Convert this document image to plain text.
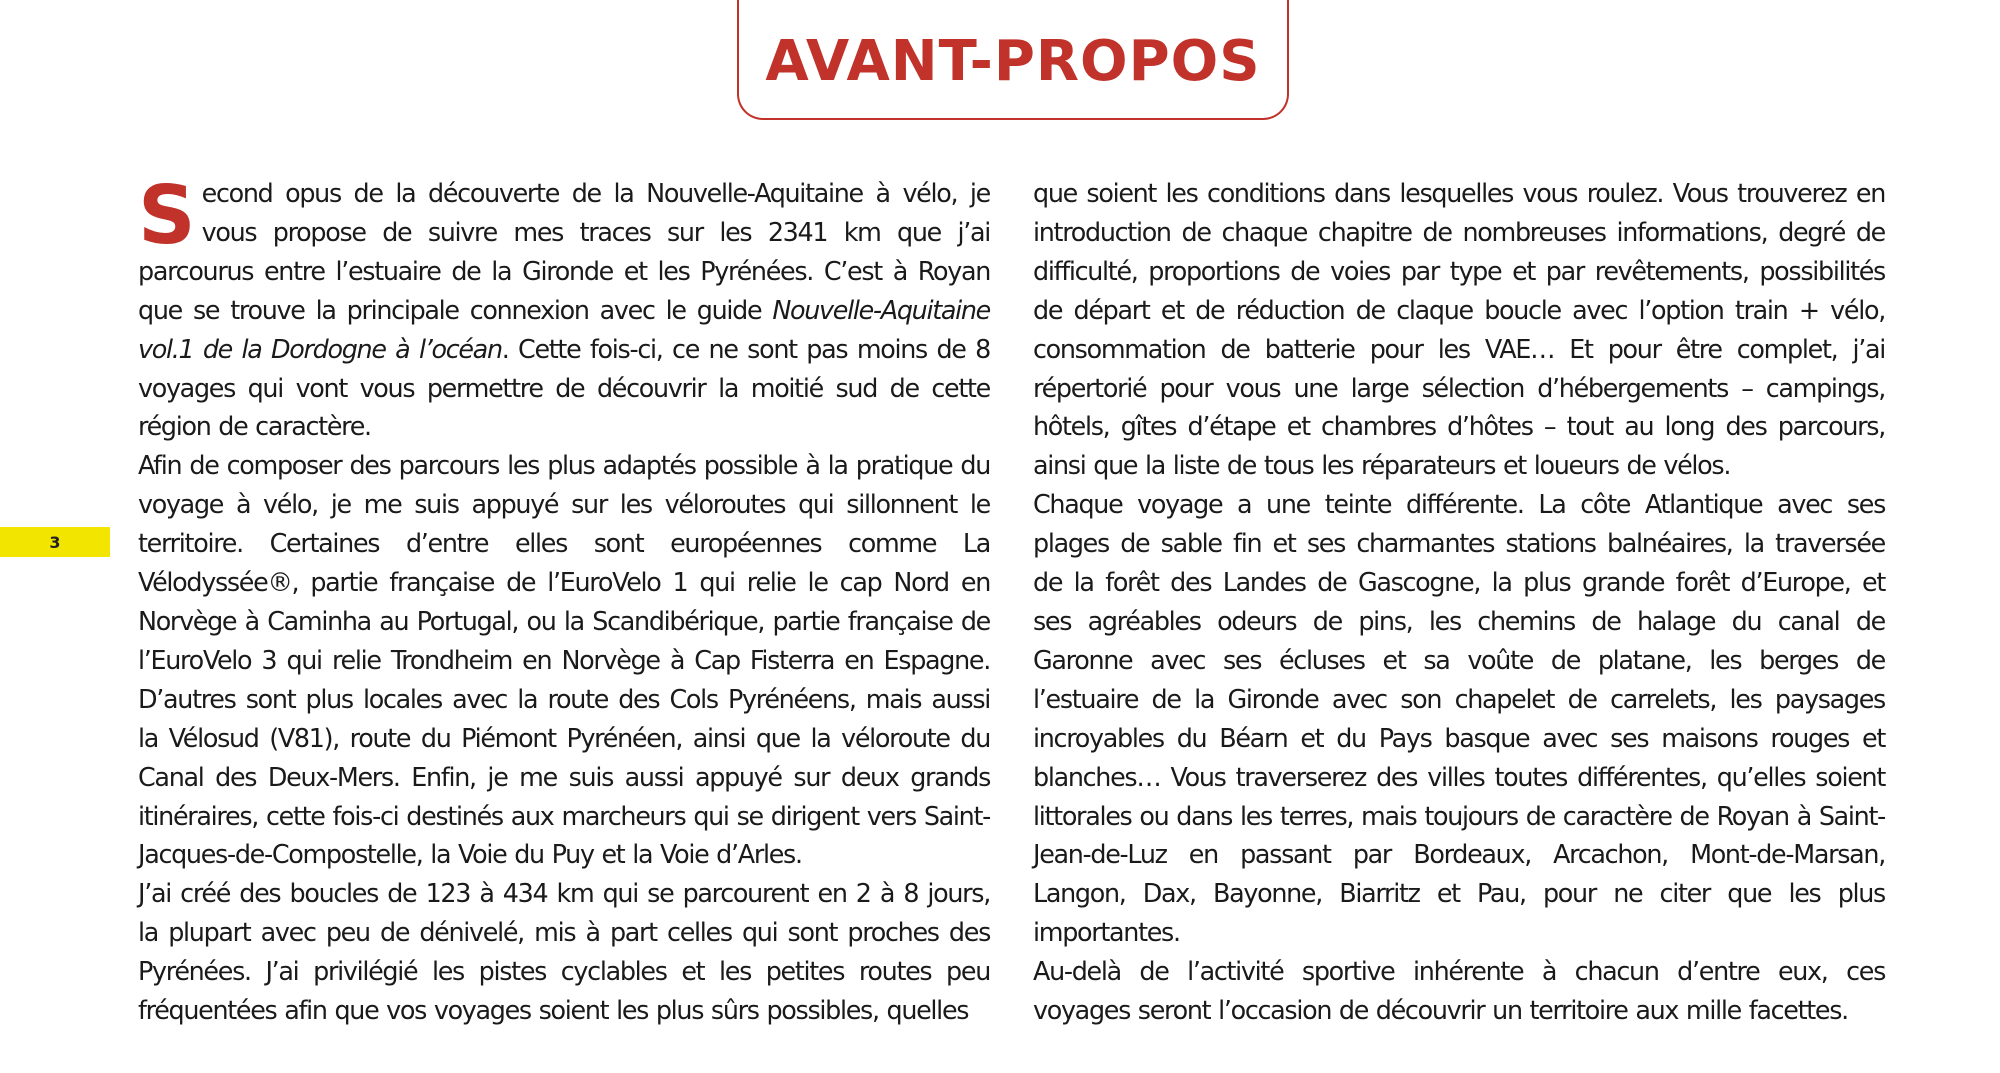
AVANT-PROPOS
3

Second opus de la découverte de la Nouvelle-Aquitaine à vélo, je vous propose de suivre mes traces sur les 2341 km que j’ai parcourus entre l’estuaire de la Gironde et les Pyrénées. C’est à Royan que se trouve la principale connexion avec le guide Nouvelle-Aquitaine vol.1 de la Dordogne à l’océan. Cette fois-ci, ce ne sont pas moins de 8 voyages qui vont vous permettre de découvrir la moitié sud de cette région de caractère.

Afin de composer des parcours les plus adaptés possible à la pratique du voyage à vélo, je me suis appuyé sur les véloroutes qui sillonnent le territoire. Certaines d’entre elles sont européennes comme La Vélodyssée®, partie française de l’EuroVelo 1 qui relie le cap Nord en Norvège à Caminha au Portugal, ou la Scandibérique, partie française de l’EuroVelo 3 qui relie Trondheim en Norvège à Cap Fisterra en Espagne. D’autres sont plus locales avec la route des Cols Pyrénéens, mais aussi la Vélosud (V81), route du Piémont Pyrénéen, ainsi que la véloroute du Canal des Deux-Mers. Enfin, je me suis aussi appuyé sur deux grands itinéraires, cette fois-ci destinés aux marcheurs qui se dirigent vers Saint-Jacques-de-Compostelle, la Voie du Puy et la Voie d’Arles.

J’ai créé des boucles de 123 à 434 km qui se parcourent en 2 à 8 jours, la plupart avec peu de dénivelé, mis à part celles qui sont proches des Pyrénées. J’ai privilégié les pistes cyclables et les petites routes peu fréquentées afin que vos voyages soient les plus sûrs possibles, quelles

que soient les conditions dans lesquelles vous roulez. Vous trouverez en introduction de chaque chapitre de nombreuses informations, degré de difficulté, proportions de voies par type et par revêtements, possibilités de départ et de réduction de claque boucle avec l’option train + vélo, consommation de batterie pour les VAE… Et pour être complet, j’ai répertorié pour vous une large sélection d’hébergements – campings, hôtels, gîtes d’étape et chambres d’hôtes – tout au long des parcours, ainsi que la liste de tous les réparateurs et loueurs de vélos.

Chaque voyage a une teinte différente. La côte Atlantique avec ses plages de sable fin et ses charmantes stations balnéaires, la traversée de la forêt des Landes de Gascogne, la plus grande forêt d’Europe, et ses agréables odeurs de pins, les chemins de halage du canal de Garonne avec ses écluses et sa voûte de platane, les berges de l’estuaire de la Gironde avec son chapelet de carrelets, les paysages incroyables du Béarn et du Pays basque avec ses maisons rouges et blanches… Vous traverserez des villes toutes différentes, qu’elles soient littorales ou dans les terres, mais toujours de caractère de Royan à Saint-Jean-de-Luz en passant par Bordeaux, Arcachon, Mont-de-Marsan, Langon, Dax, Bayonne, Biarritz et Pau, pour ne citer que les plus importantes.

Au-delà de l’activité sportive inhérente à chacun d’entre eux, ces voyages seront l’occasion de découvrir un territoire aux mille facettes.
